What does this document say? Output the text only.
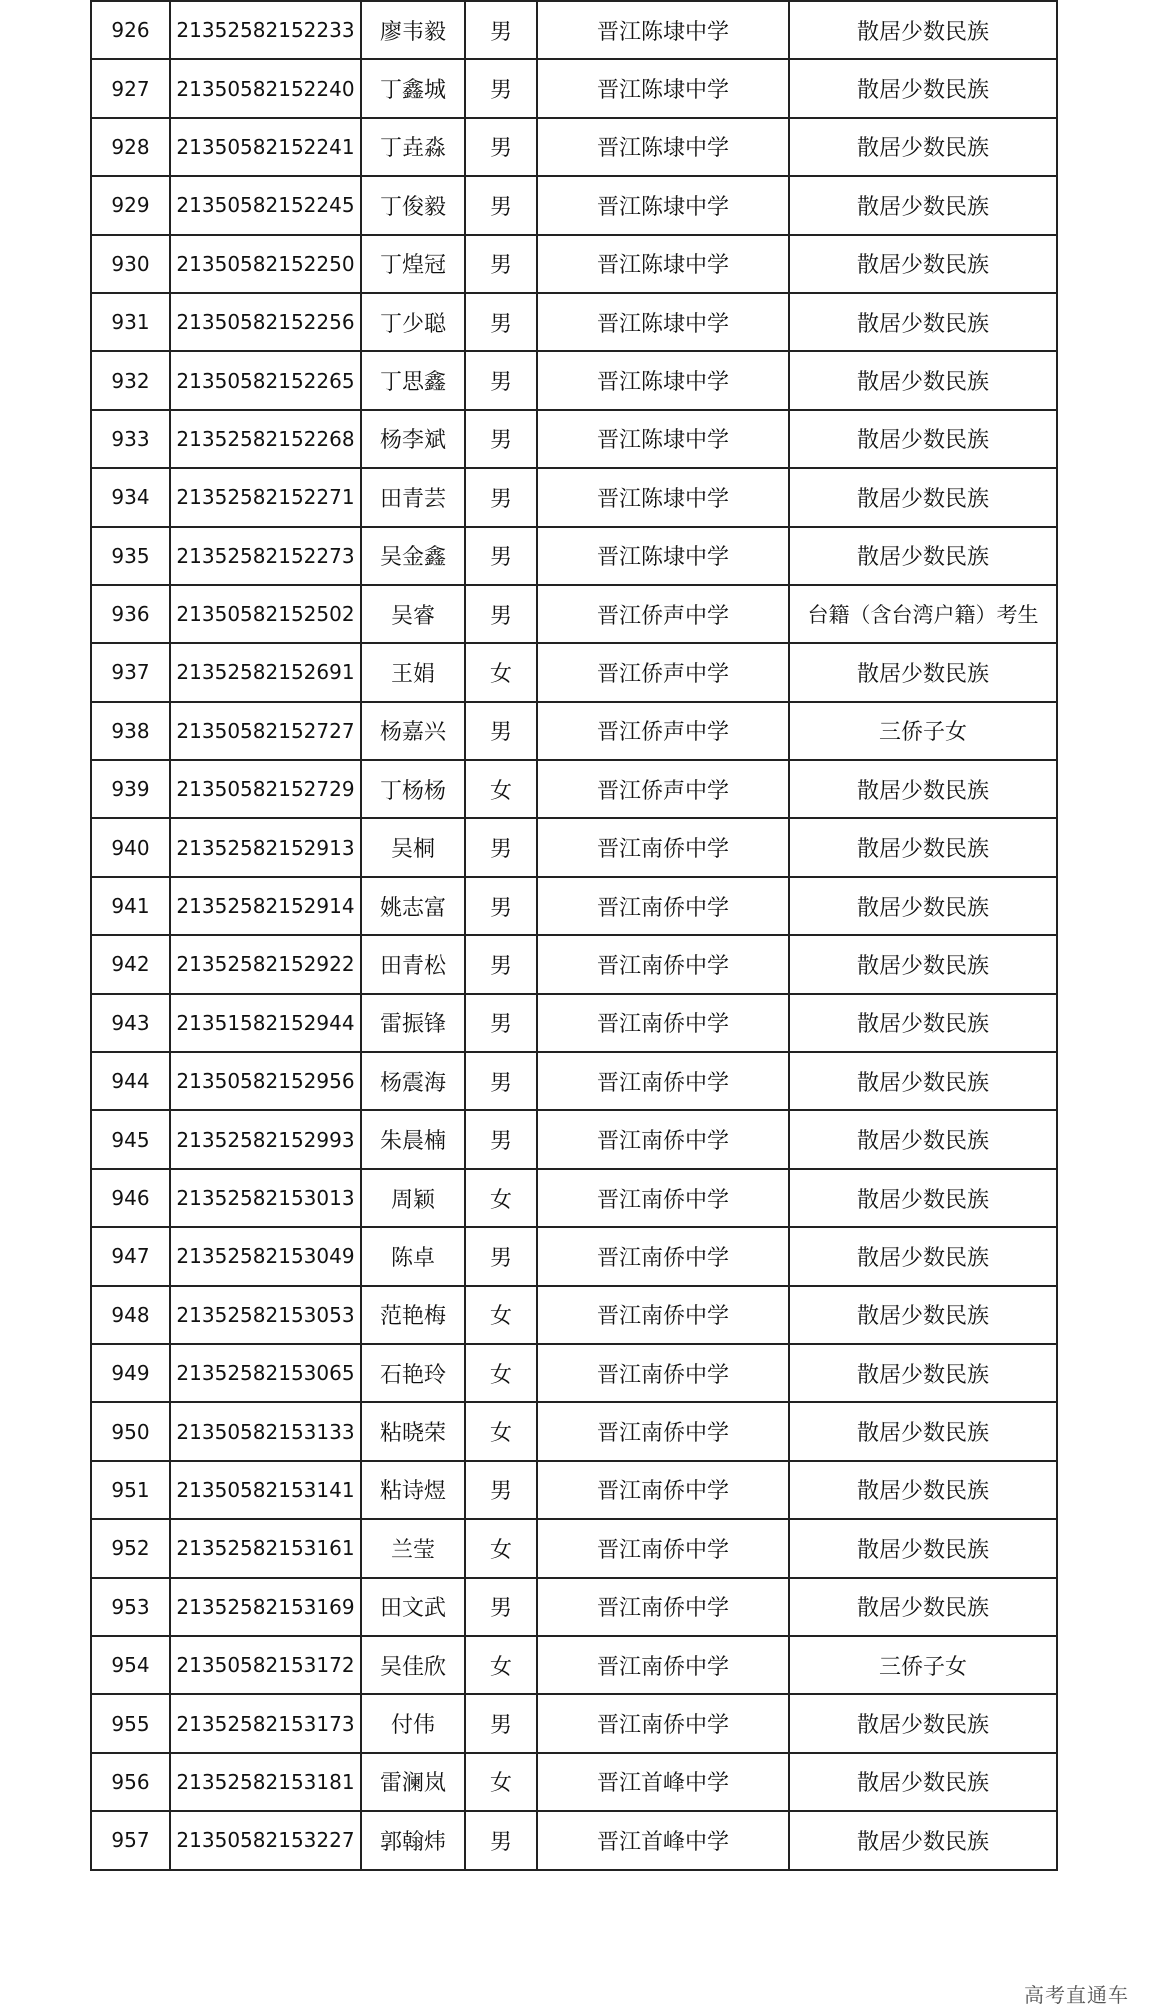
926	21352582152233	廖韦毅	男	晋江陈埭中学	散居少数民族
927	21350582152240	丁鑫城	男	晋江陈埭中学	散居少数民族
928	21350582152241	丁垚淼	男	晋江陈埭中学	散居少数民族
929	21350582152245	丁俊毅	男	晋江陈埭中学	散居少数民族
930	21350582152250	丁煌冠	男	晋江陈埭中学	散居少数民族
931	21350582152256	丁少聪	男	晋江陈埭中学	散居少数民族
932	21350582152265	丁思鑫	男	晋江陈埭中学	散居少数民族
933	21352582152268	杨李斌	男	晋江陈埭中学	散居少数民族
934	21352582152271	田青芸	男	晋江陈埭中学	散居少数民族
935	21352582152273	吴金鑫	男	晋江陈埭中学	散居少数民族
936	21350582152502	吴睿	男	晋江侨声中学	台籍（含台湾户籍）考生
937	21352582152691	王娟	女	晋江侨声中学	散居少数民族
938	21350582152727	杨嘉兴	男	晋江侨声中学	三侨子女
939	21350582152729	丁杨杨	女	晋江侨声中学	散居少数民族
940	21352582152913	吴桐	男	晋江南侨中学	散居少数民族
941	21352582152914	姚志富	男	晋江南侨中学	散居少数民族
942	21352582152922	田青松	男	晋江南侨中学	散居少数民族
943	21351582152944	雷振锋	男	晋江南侨中学	散居少数民族
944	21350582152956	杨震海	男	晋江南侨中学	散居少数民族
945	21352582152993	朱晨楠	男	晋江南侨中学	散居少数民族
946	21352582153013	周颖	女	晋江南侨中学	散居少数民族
947	21352582153049	陈卓	男	晋江南侨中学	散居少数民族
948	21352582153053	范艳梅	女	晋江南侨中学	散居少数民族
949	21352582153065	石艳玲	女	晋江南侨中学	散居少数民族
950	21350582153133	粘晓荣	女	晋江南侨中学	散居少数民族
951	21350582153141	粘诗煜	男	晋江南侨中学	散居少数民族
952	21352582153161	兰莹	女	晋江南侨中学	散居少数民族
953	21352582153169	田文武	男	晋江南侨中学	散居少数民族
954	21350582153172	吴佳欣	女	晋江南侨中学	三侨子女
955	21352582153173	付伟	男	晋江南侨中学	散居少数民族
956	21352582153181	雷澜岚	女	晋江首峰中学	散居少数民族
957	21350582153227	郭翰炜	男	晋江首峰中学	散居少数民族
高考直通车
